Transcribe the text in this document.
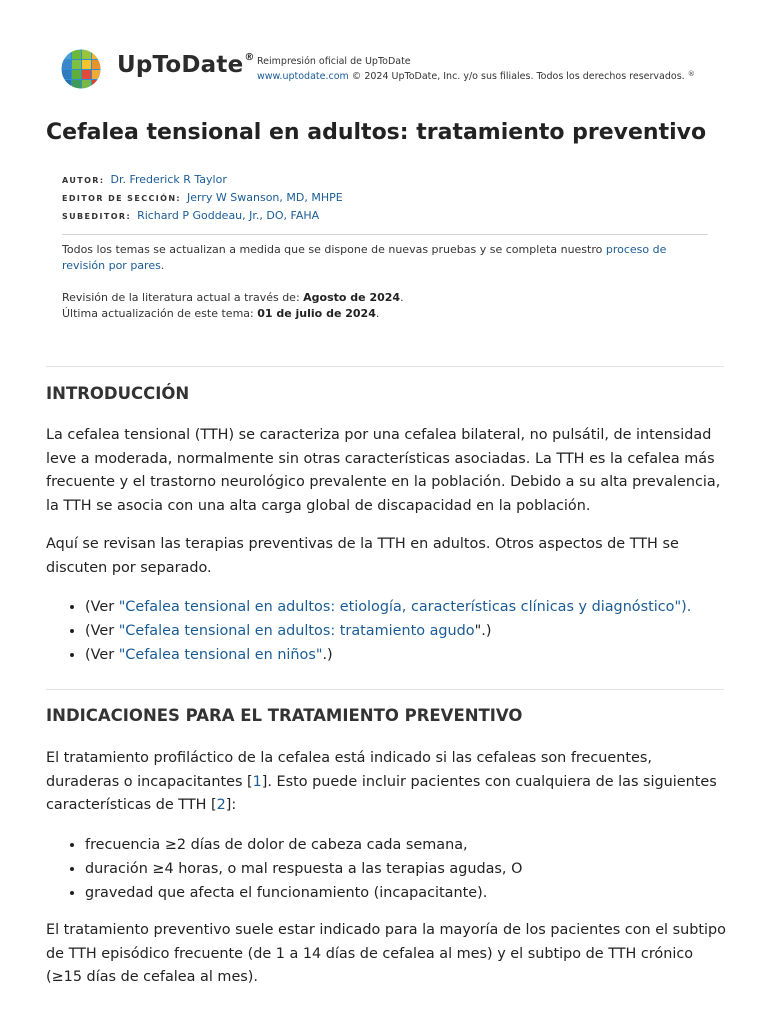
UpToDate® Reimpresión oficial de UpToDate
www.uptodate.com © 2024 UpToDate, Inc. y/o sus filiales. Todos los derechos reservados. ®
Cefalea tensional en adultos: tratamiento preventivo
AUTOR: Dr. Frederick R Taylor
EDITOR DE SECCIÓN: Jerry W Swanson, MD, MHPE
SUBEDITOR: Richard P Goddeau, Jr., DO, FAHA
Todos los temas se actualizan a medida que se dispone de nuevas pruebas y se completa nuestro proceso de revisión por pares.
Revisión de la literatura actual a través de: Agosto de 2024.
Última actualización de este tema: 01 de julio de 2024.
INTRODUCCIÓN

La cefalea tensional (TTH) se caracteriza por una cefalea bilateral, no pulsátil, de intensidad leve a moderada, normalmente sin otras características asociadas. La TTH es la cefalea más frecuente y el trastorno neurológico prevalente en la población. Debido a su alta prevalencia, la TTH se asocia con una alta carga global de discapacidad en la población.

Aquí se revisan las terapias preventivas de la TTH en adultos. Otros aspectos de TTH se discuten por separado.

• (Ver "Cefalea tensional en adultos: etiología, características clínicas y diagnóstico").
• (Ver "Cefalea tensional en adultos: tratamiento agudo".)
• (Ver "Cefalea tensional en niños".)
INDICACIONES PARA EL TRATAMIENTO PREVENTIVO

El tratamiento profiláctico de la cefalea está indicado si las cefaleas son frecuentes, duraderas o incapacitantes [1]. Esto puede incluir pacientes con cualquiera de las siguientes características de TTH [2]:

• frecuencia ≥2 días de dolor de cabeza cada semana,
• duración ≥4 horas, o mal respuesta a las terapias agudas, O
• gravedad que afecta el funcionamiento (incapacitante).

El tratamiento preventivo suele estar indicado para la mayoría de los pacientes con el subtipo de TTH episódico frecuente (de 1 a 14 días de cefalea al mes) y el subtipo de TTH crónico (≥15 días de cefalea al mes).
